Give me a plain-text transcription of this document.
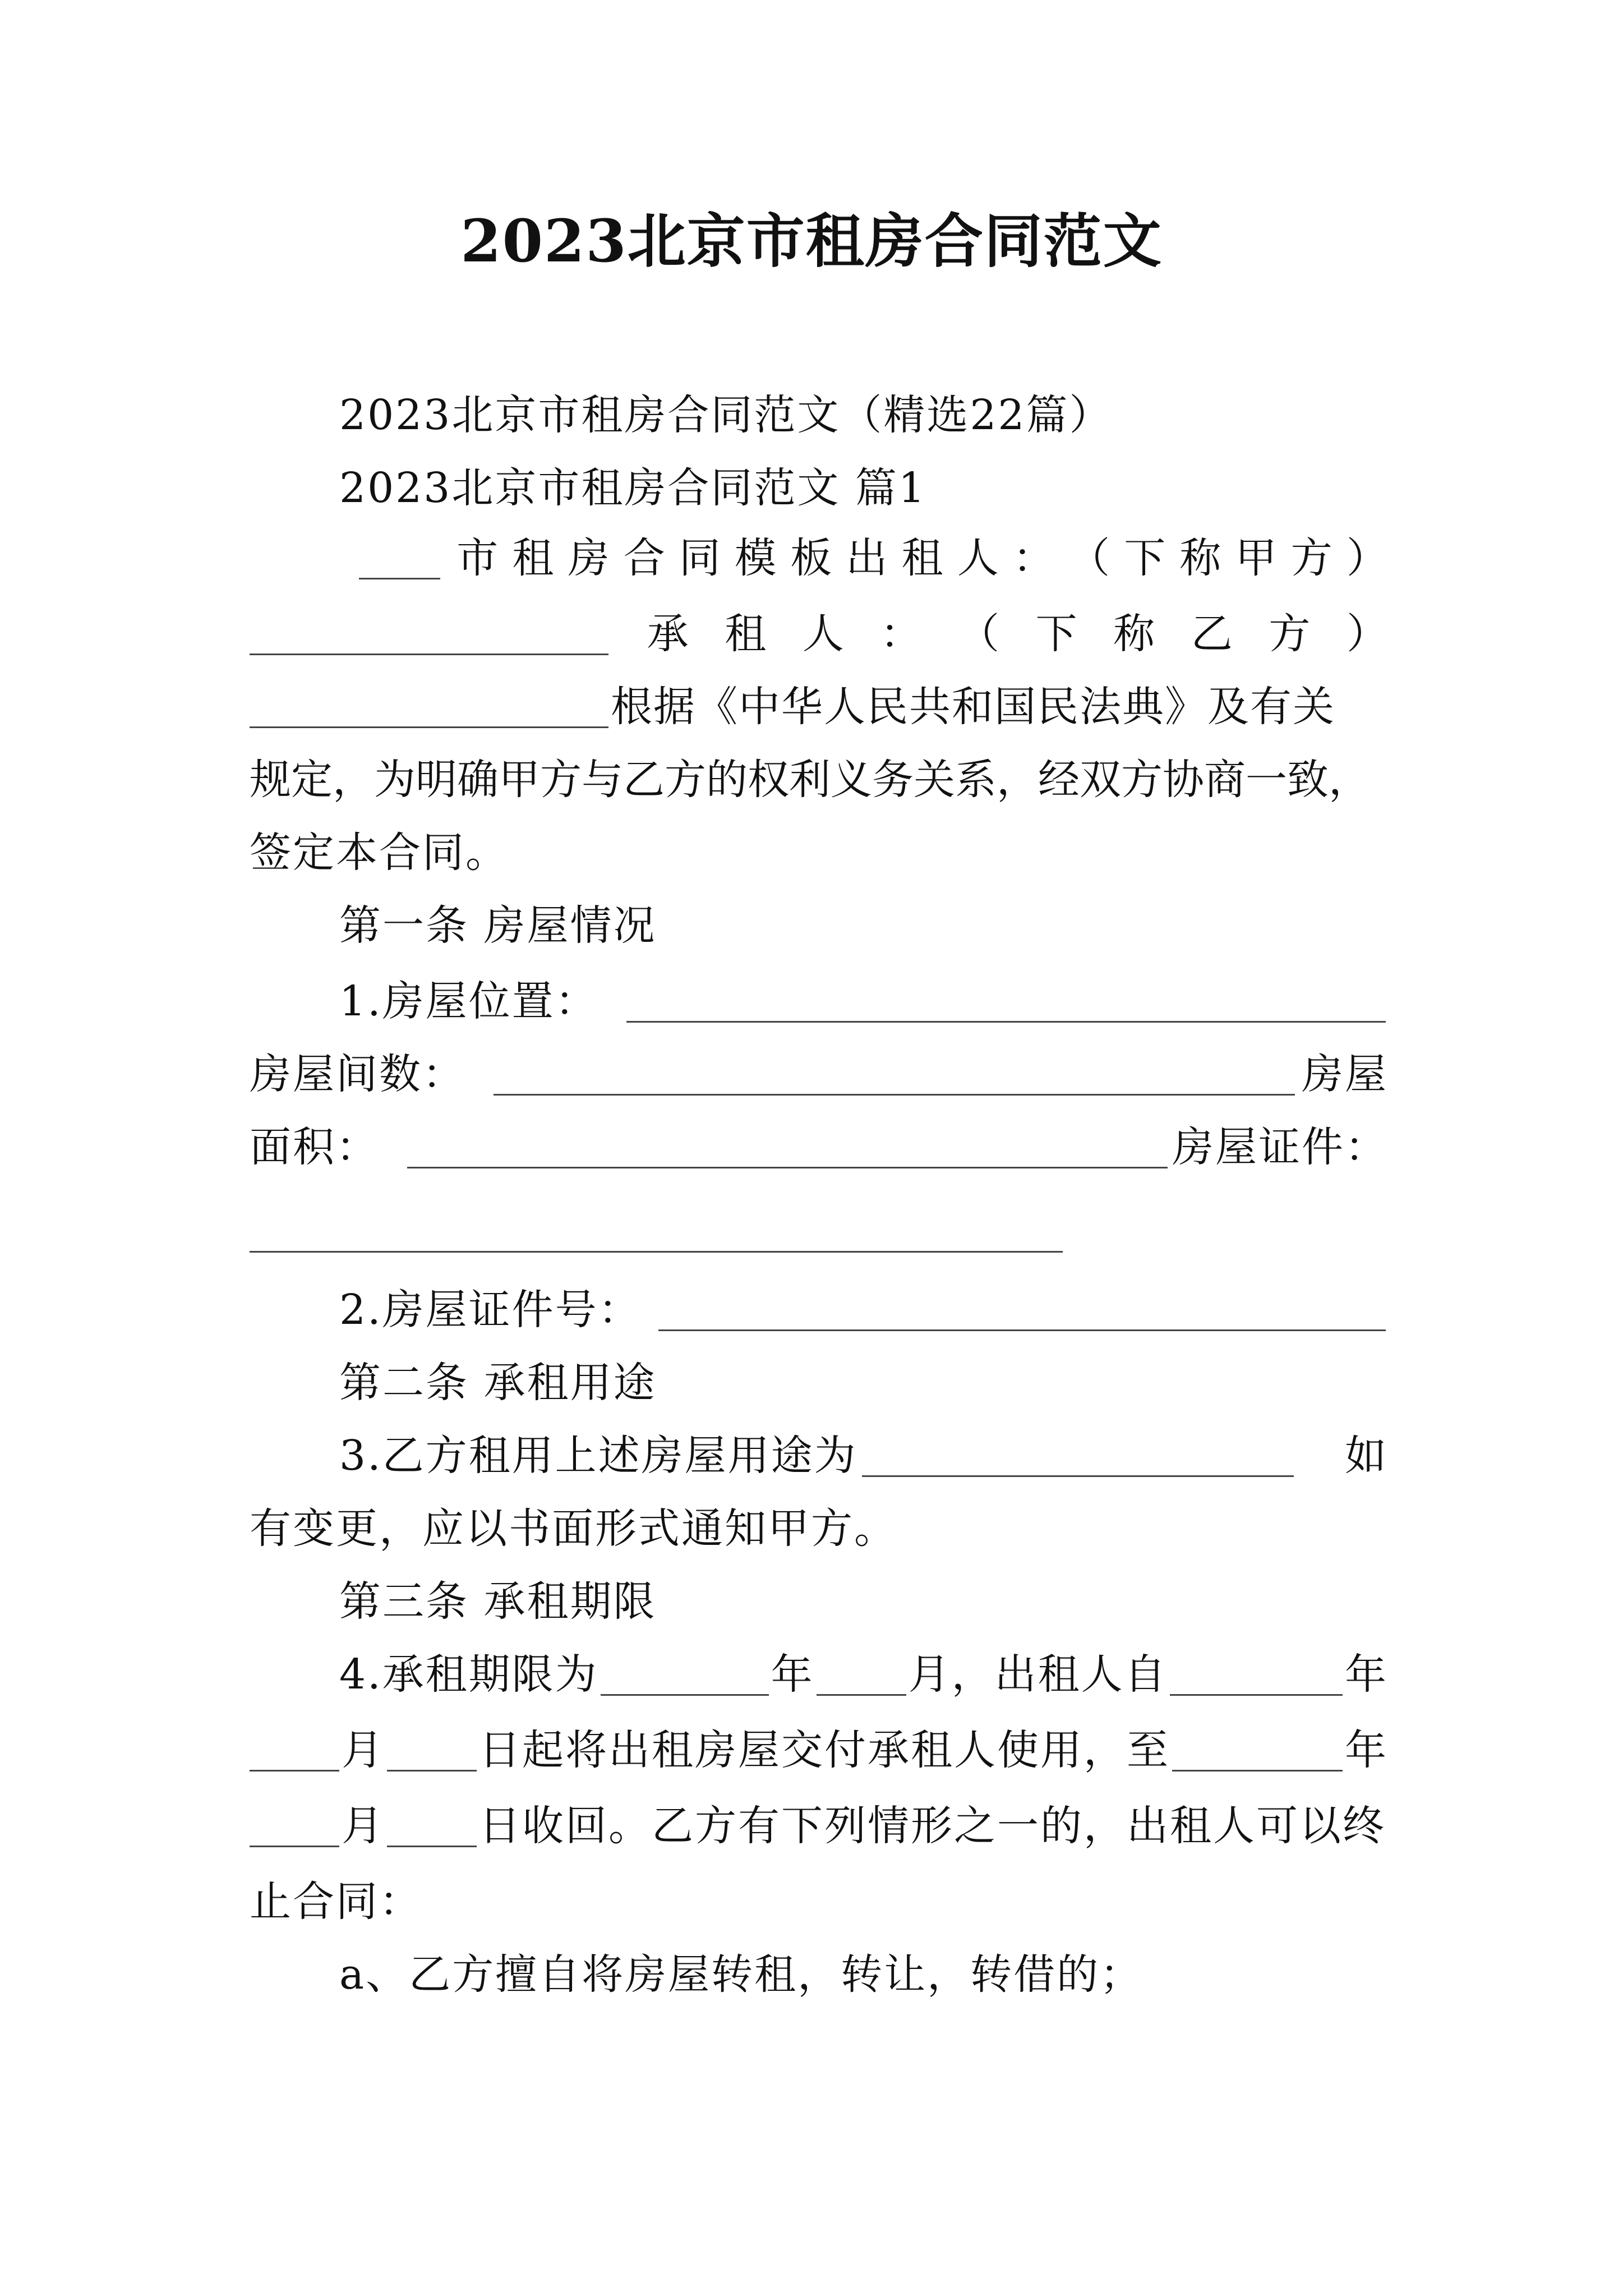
2023北京市租房合同范文
2023北京市租房合同范文（精选22篇）
2023北京市租房合同范文 篇1
市 租 房 合 同 模 板 出 租 人 ： （ 下 称 甲 方 ）
承 租 人 ： （ 下 称 乙 方 ）
根据《中华人民共和国民法典》及有关
规定，为明确甲方与乙方的权利义务关系，经双方协商一致，
签定本合同。
第一条 房屋情况
1.房屋位置：
房屋间数：	房屋
面积：	房屋证件：
2.房屋证件号：
第二条 承租用途
3.乙方租用上述房屋用途为	如
有变更，应以书面形式通知甲方。
第三条 承租期限
4.承租期限为	年 月 ，出租人自	年
月 日起将出租房屋交付承租人使用，至	年
月 日收回。乙方有下列情形之一的，出租人可以终
止合同：
a、乙方擅自将房屋转租，转让，转借的；
